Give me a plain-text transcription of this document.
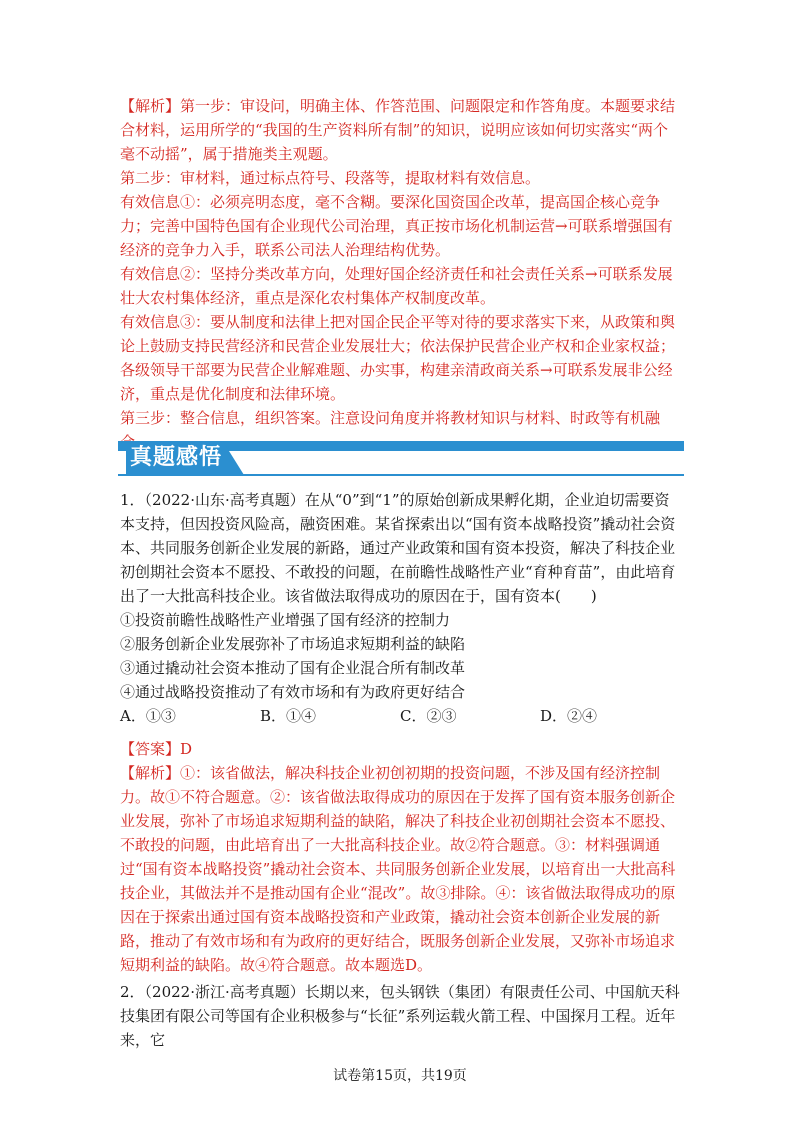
【解析】第一步：审设问，明确主体、作答范围、问题限定和作答角度。本题要求结合材料，运用所学的“我国的生产资料所有制”的知识，说明应该如何切实落实“两个毫不动摇”，属于措施类主观题。

第二步：审材料，通过标点符号、段落等，提取材料有效信息。

有效信息①：必须亮明态度，毫不含糊。要深化国资国企改革，提高国企核心竞争力；完善中国特色国有企业现代公司治理，真正按市场化机制运营→可联系增强国有经济的竞争力入手，联系公司法人治理结构优势。

有效信息②：坚持分类改革方向，处理好国企经济责任和社会责任关系→可联系发展壮大农村集体经济，重点是深化农村集体产权制度改革。

有效信息③：要从制度和法律上把对国企民企平等对待的要求落实下来，从政策和舆论上鼓励支持民营经济和民营企业发展壮大；依法保护民营企业产权和企业家权益；各级领导干部要为民营企业解难题、办实事，构建亲清政商关系→可联系发展非公经济，重点是优化制度和法律环境。

第三步：整合信息，组织答案。注意设问角度并将教材知识与材料、时政等有机融

真题感悟

1．（2022·山东·高考真题）在从“0”到“1”的原始创新成果孵化期，企业迫切需要资本支持，但因投资风险高，融资困难。某省探索出以“国有资本战略投资”撬动社会资本、共同服务创新企业发展的新路，通过产业政策和国有资本投资，解决了科技企业初创期社会资本不愿投、不敢投的问题，在前瞻性战略性产业“育种育苗”，由此培育出了一大批高科技企业。该省做法取得成功的原因在于，国有资本(　　)

①投资前瞻性战略性产业增强了国有经济的控制力

②服务创新企业发展弥补了市场追求短期利益的缺陷

③通过撬动社会资本推动了国有企业混合所有制改革

④通过战略投资推动了有效市场和有为政府更好结合

A．①③	B．①④	C．②③	D．②④

【答案】D

【解析】①：该省做法，解决科技企业初创初期的投资问题，不涉及国有经济控制力。故①不符合题意。②：该省做法取得成功的原因在于发挥了国有资本服务创新企业发展，弥补了市场追求短期利益的缺陷，解决了科技企业初创期社会资本不愿投、不敢投的问题，由此培育出了一大批高科技企业。故②符合题意。③：材料强调通过“国有资本战略投资”撬动社会资本、共同服务创新企业发展，以培育出一大批高科技企业，其做法并不是推动国有企业“混改”。故③排除。④：该省做法取得成功的原因在于探索出通过国有资本战略投资和产业政策，撬动社会资本创新企业发展的新路，推动了有效市场和有为政府的更好结合，既服务创新企业发展，又弥补市场追求短期利益的缺陷。故④符合题意。故本题选D。

2．（2022·浙江·高考真题）长期以来，包头钢铁（集团）有限责任公司、中国航天科技集团有限公司等国有企业积极参与“长征”系列运载火箭工程、中国探月工程。近年来，它

试卷第15页，共19页
